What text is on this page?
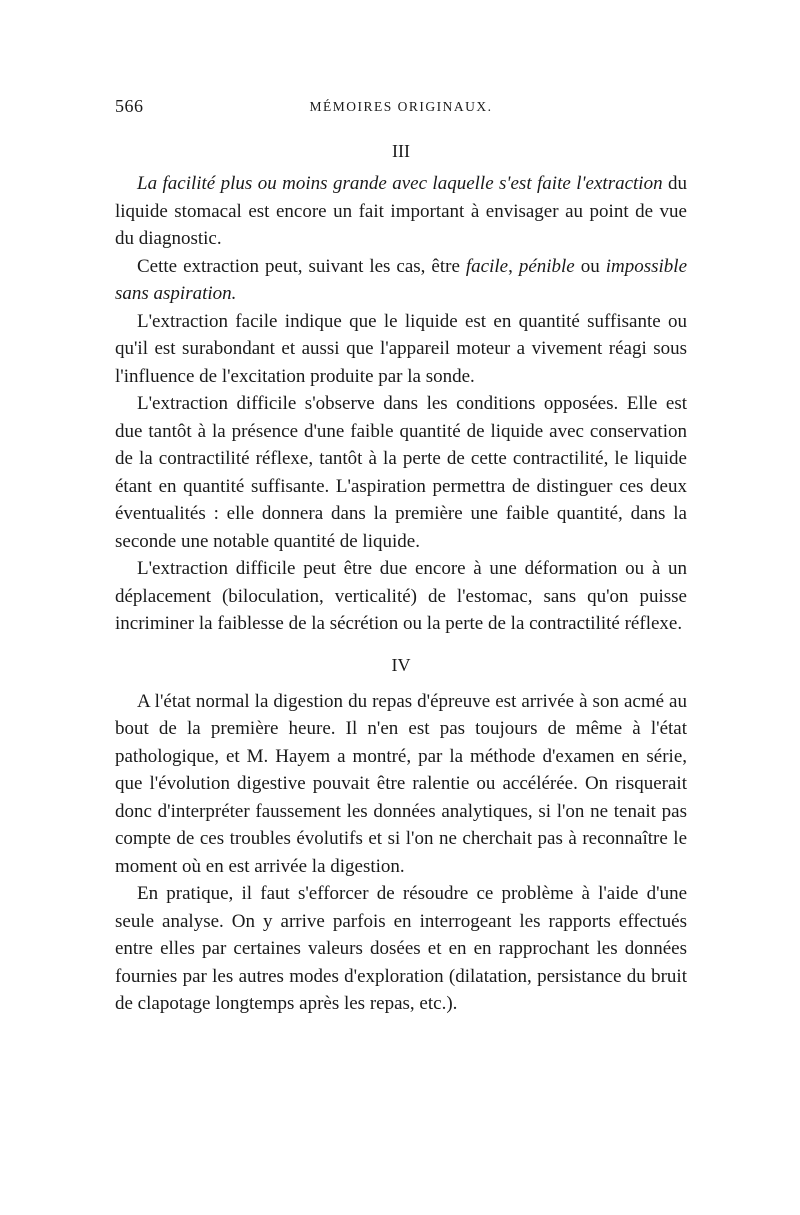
566	MÉMOIRES ORIGINAUX.
III

La facilité plus ou moins grande avec laquelle s'est faite l'extraction du liquide stomacal est encore un fait important à envisager au point de vue du diagnostic.

Cette extraction peut, suivant les cas, être facile, pénible ou impossible sans aspiration.

L'extraction facile indique que le liquide est en quantité suffisante ou qu'il est surabondant et aussi que l'appareil moteur a vivement réagi sous l'influence de l'excitation produite par la sonde.

L'extraction difficile s'observe dans les conditions opposées. Elle est due tantôt à la présence d'une faible quantité de liquide avec conservation de la contractilité réflexe, tantôt à la perte de cette contractilité, le liquide étant en quantité suffisante. L'aspiration permettra de distinguer ces deux éventualités : elle donnera dans la première une faible quantité, dans la seconde une notable quantité de liquide.

L'extraction difficile peut être due encore à une déformation ou à un déplacement (biloculation, verticalité) de l'estomac, sans qu'on puisse incriminer la faiblesse de la sécrétion ou la perte de la contractilité réflexe.

IV

A l'état normal la digestion du repas d'épreuve est arrivée à son acmé au bout de la première heure. Il n'en est pas toujours de même à l'état pathologique, et M. Hayem a montré, par la méthode d'examen en série, que l'évolution digestive pouvait être ralentie ou accélérée. On risquerait donc d'interpréter faussement les données analytiques, si l'on ne tenait pas compte de ces troubles évolutifs et si l'on ne cherchait pas à reconnaître le moment où en est arrivée la digestion.

En pratique, il faut s'efforcer de résoudre ce problème à l'aide d'une seule analyse. On y arrive parfois en interrogeant les rapports effectués entre elles par certaines valeurs dosées et en en rapprochant les données fournies par les autres modes d'exploration (dilatation, persistance du bruit de clapotage longtemps après les repas, etc.).
